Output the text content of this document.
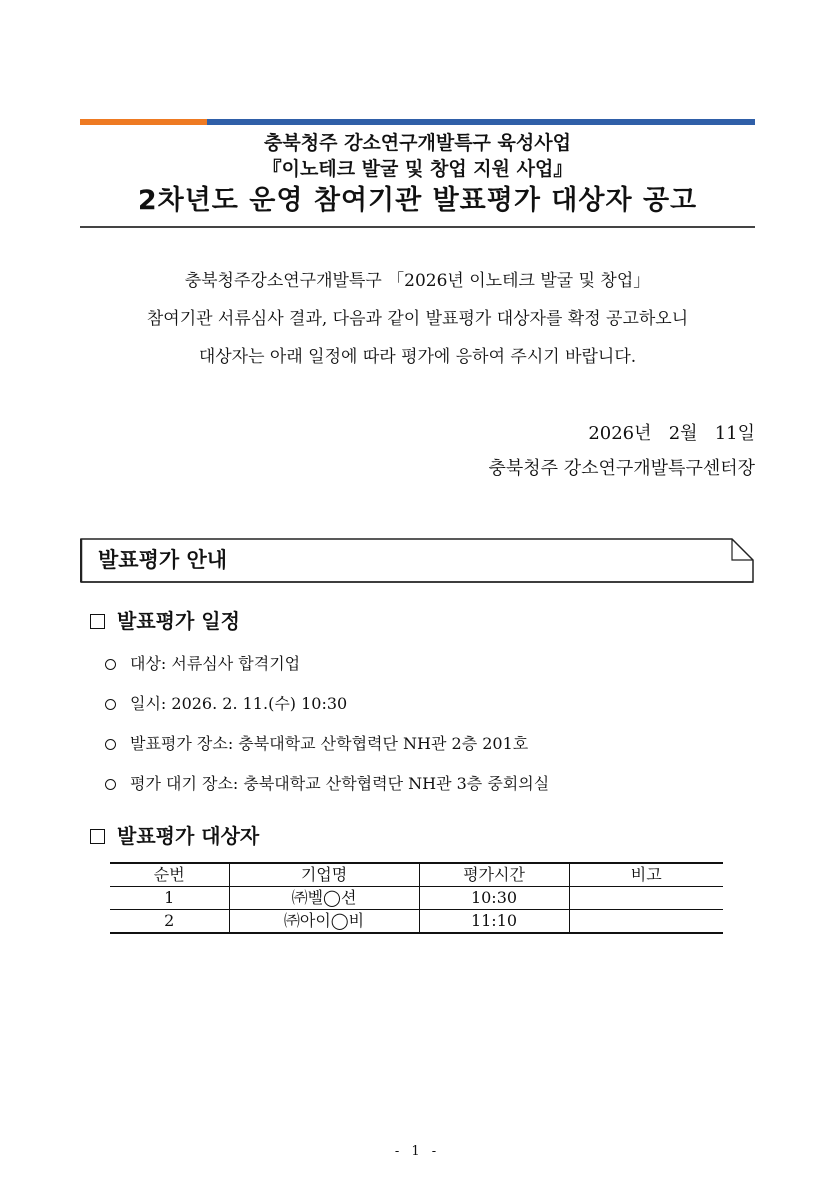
충북청주 강소연구개발특구 육성사업
『이노테크 발굴 및 창업 지원 사업』
2차년도 운영 참여기관 발표평가 대상자 공고
충북청주강소연구개발특구 「2026년 이노테크 발굴 및 창업」
참여기관 서류심사 결과, 다음과 같이 발표평가 대상자를 확정 공고하오니
대상자는 아래 일정에 따라 평가에 응하여 주시기 바랍니다.
2026년 2월 11일
충북청주 강소연구개발특구센터장
발표평가 안내
발표평가 일정
대상: 서류심사 합격기업
일시: 2026. 2. 11.(수) 10:30
발표평가 장소: 충북대학교 산학협력단 NH관 2층 201호
평가 대기 장소: 충북대학교 산학협력단 NH관 3층 중회의실
발표평가 대상자
순번	기업명	평가시간	비고
1	㈜벨◯션	10:30	
2	㈜아이◯비	11:10	
- 1 -
